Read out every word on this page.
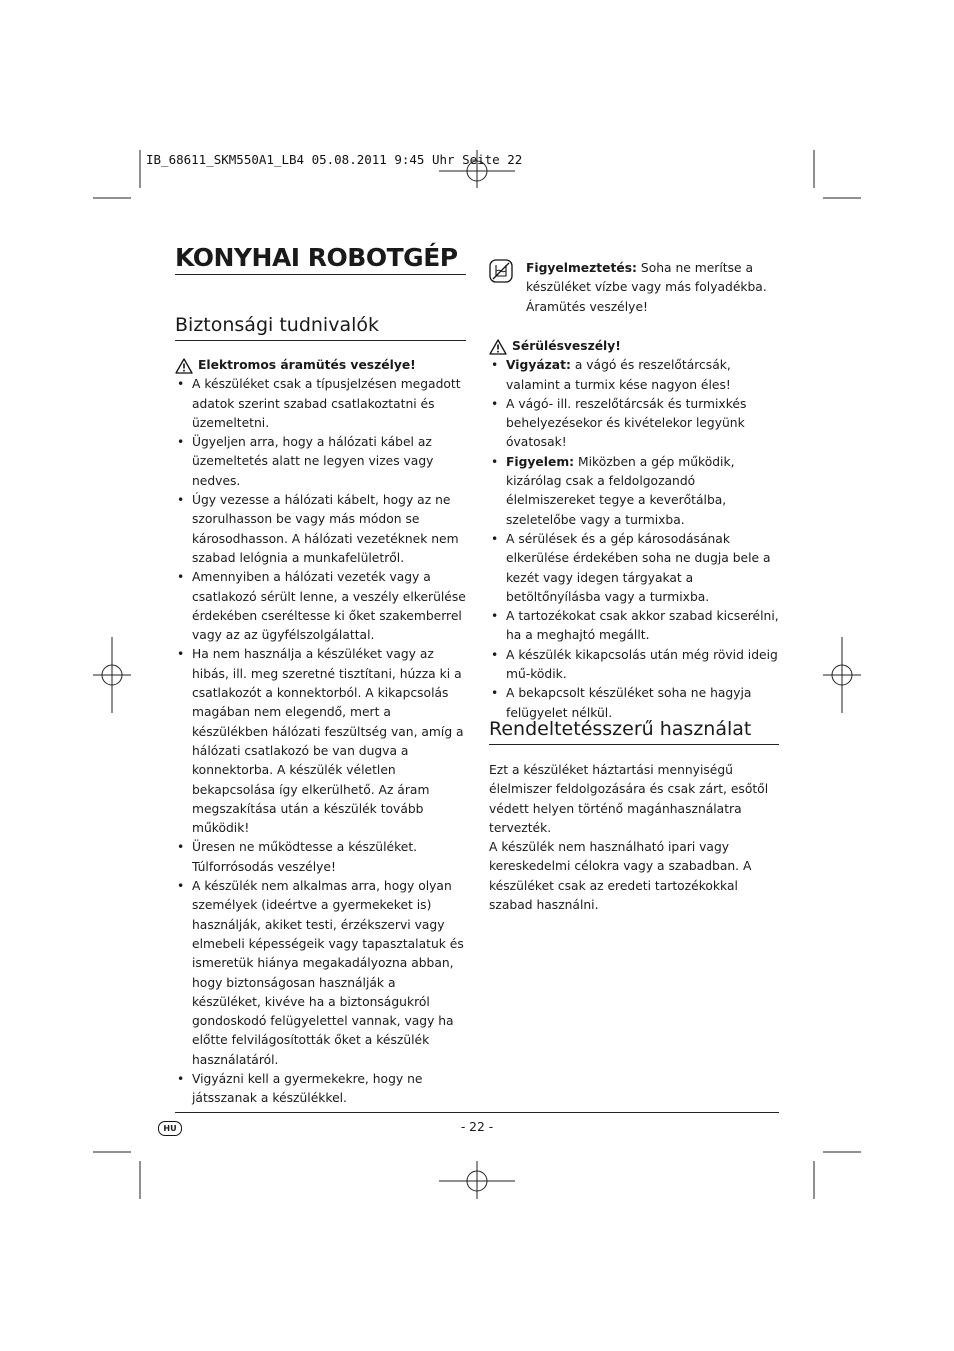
IB_68611_SKM550A1_LB4 05.08.2011 9:45 Uhr Seite 22
KONYHAI ROBOTGÉP
Biztonsági tudnivalók
Elektromos áramütés veszélye!
• A készüléket csak a típusjelzésen megadott adatok szerint szabad csatlakoztatni és üzemeltetni.
• Ügyeljen arra, hogy a hálózati kábel az üzemeltetés alatt ne legyen vizes vagy nedves.
• Úgy vezesse a hálózati kábelt, hogy az ne szorulhasson be vagy más módon se károsodhasson. A hálózati vezetéknek nem szabad lelógnia a munkafelületről.
• Amennyiben a hálózati vezeték vagy a csatlakozó sérült lenne, a veszély elkerülése érdekében cseréltesse ki őket szakemberrel vagy az az ügyfélszolgálattal.
• Ha nem használja a készüléket vagy az hibás, ill. meg szeretné tisztítani, húzza ki a csatlakozót a konnektorból. A kikapcsolás magában nem elegendő, mert a készülékben hálózati feszültség van, amíg a hálózati csatlakozó be van dugva a konnektorba. A készülék véletlen bekapcsolása így elkerülhető. Az áram megszakítása után a készülék tovább működik!
• Üresen ne működtesse a készüléket. Túlforrósodás veszélye!
• A készülék nem alkalmas arra, hogy olyan személyek (ideértve a gyermekeket is) használják, akiket testi, érzékszervi vagy elmebeli képességeik vagy tapasztalatuk és ismeretük hiánya megakadályozna abban, hogy biztonságosan használják a készüléket, kivéve ha a biztonságukról gondoskodó felügyelettel vannak, vagy ha előtte felvilágosították őket a készülék használatáról.
• Vigyázni kell a gyermekekre, hogy ne játsszanak a készülékkel.
Figyelmeztetés: Soha ne merítse a készüléket vízbe vagy más folyadékba. Áramütés veszélye!
Sérülésveszély!
• Vigyázat: a vágó és reszelőtárcsák, valamint a turmix kése nagyon éles!
• A vágó- ill. reszelőtárcsák és turmixkés behelyezésekor és kivételekor legyünk óvatosak!
• Figyelem: Miközben a gép működik, kizárólag csak a feldolgozandó élelmiszereket tegye a keverőtálba, szeletelőbe vagy a turmixba.
• A sérülések és a gép károsodásának elkerülése érdekében soha ne dugja bele a kezét vagy idegen tárgyakat a betöltőnyílásba vagy a turmixba.
• A tartozékokat csak akkor szabad kicserélni, ha a meghajtó megállt.
• A készülék kikapcsolás után még rövid ideig mű-ködik.
• A bekapcsolt készüléket soha ne hagyja felügyelet nélkül.
Rendeltetésszerű használat

Ezt a készüléket háztartási mennyiségű élelmiszer feldolgozására és csak zárt, esőtől védett helyen történő magánhasználatra tervezték.

A készülék nem használható ipari vagy kereskedelmi célokra vagy a szabadban. A készüléket csak az eredeti tartozékokkal szabad használni.

HU	- 22 -
